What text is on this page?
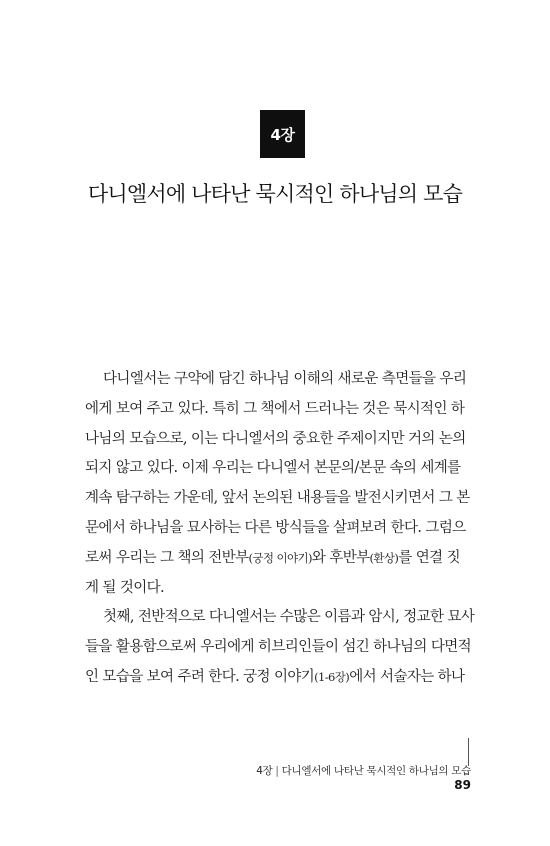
4장
다니엘서에 나타난 묵시적인 하나님의 모습
다니엘서는 구약에 담긴 하나님 이해의 새로운 측면들을 우리
에게 보여 주고 있다. 특히 그 책에서 드러나는 것은 묵시적인 하
나님의 모습으로, 이는 다니엘서의 중요한 주제이지만 거의 논의
되지 않고 있다. 이제 우리는 다니엘서 본문의/본문 속의 세계를
계속 탐구하는 가운데, 앞서 논의된 내용들을 발전시키면서 그 본
문에서 하나님을 묘사하는 다른 방식들을 살펴보려 한다. 그럼으
로써 우리는 그 책의 전반부(궁정 이야기)와 후반부(환상)를 연결 짓
게 될 것이다.
첫째, 전반적으로 다니엘서는 수많은 이름과 암시, 정교한 묘사
들을 활용함으로써 우리에게 히브리인들이 섬긴 하나님의 다면적
인 모습을 보여 주려 한다. 궁정 이야기(1-6장)에서 서술자는 하나
4장 | 다니엘서에 나타난 묵시적인 하나님의 모습
89
